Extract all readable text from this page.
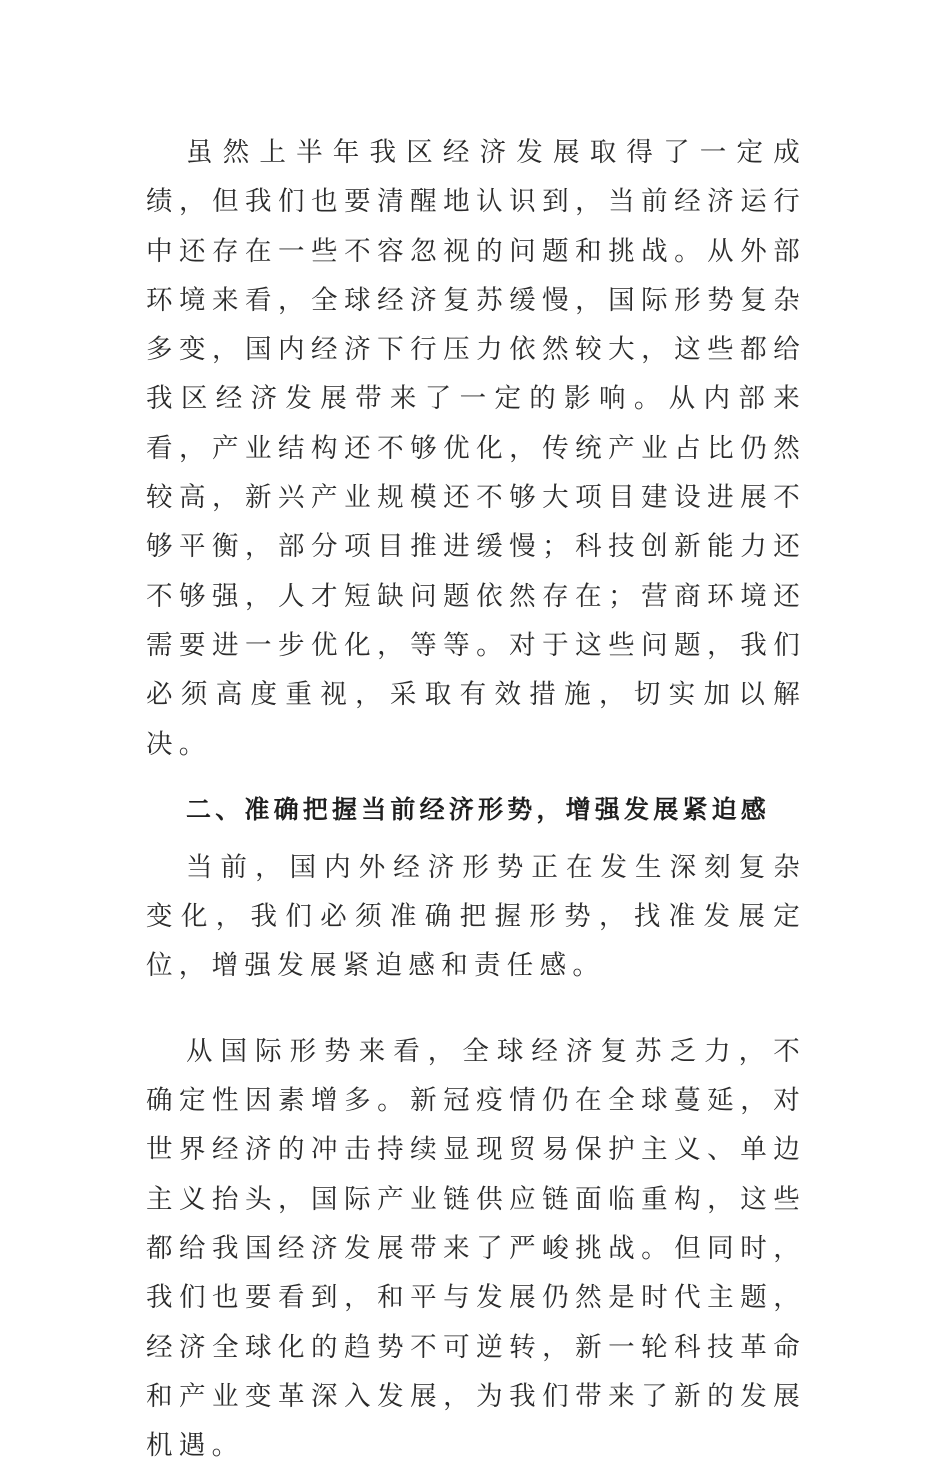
虽然上半年我区经济发展取得了一定成绩，但我们也要清醒地认识到，当前经济运行中还存在一些不容忽视的问题和挑战。从外部环境来看，全球经济复苏缓慢，国际形势复杂多变，国内经济下行压力依然较大，这些都给我区经济发展带来了一定的影响。从内部来看，产业结构还不够优化，传统产业占比仍然较高，新兴产业规模还不够大项目建设进展不够平衡，部分项目推进缓慢；科技创新能力还不够强，人才短缺问题依然存在；营商环境还需要进一步优化，等等。对于这些问题，我们必须高度重视，采取有效措施，切实加以解决。

二、准确把握当前经济形势，增强发展紧迫感

当前，国内外经济形势正在发生深刻复杂变化，我们必须准确把握形势，找准发展定位，增强发展紧迫感和责任感。

从国际形势来看，全球经济复苏乏力，不确定性因素增多。新冠疫情仍在全球蔓延，对世界经济的冲击持续显现贸易保护主义、单边主义抬头，国际产业链供应链面临重构，这些都给我国经济发展带来了严峻挑战。但同时，我们也要看到，和平与发展仍然是时代主题，经济全球化的趋势不可逆转，新一轮科技革命和产业变革深入发展，为我们带来了新的发展机遇。
